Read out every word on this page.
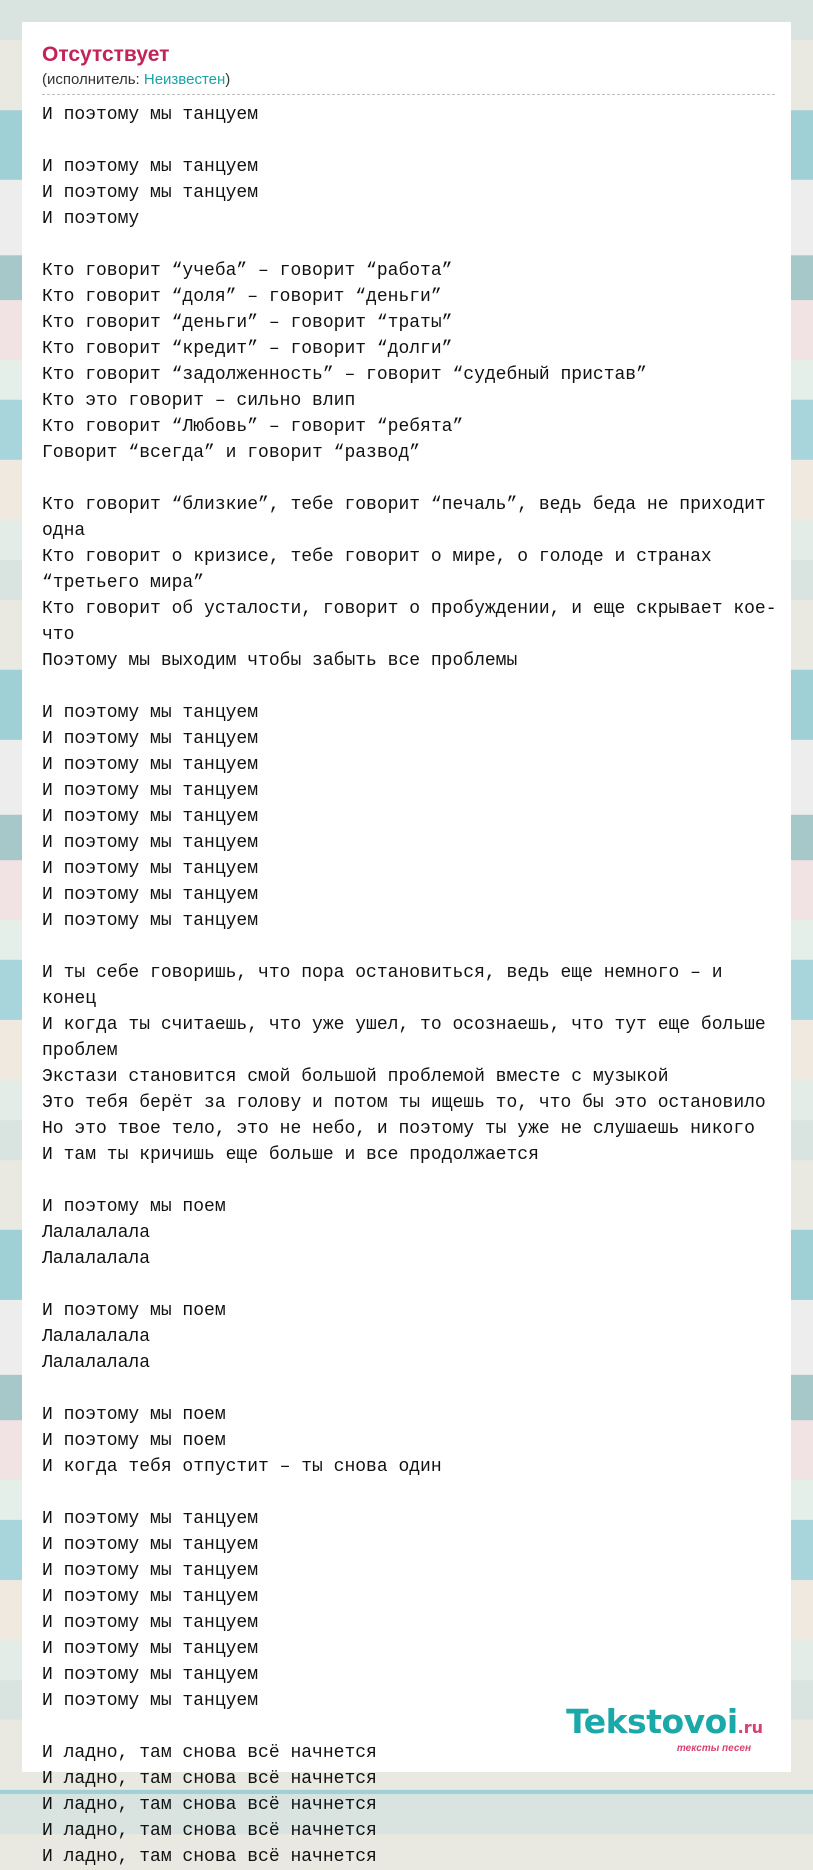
Отсутствует
(исполнитель: Неизвестен)
И поэтому мы танцуем

И поэтому мы танцуем
И поэтому мы танцуем
И поэтому

Кто говорит “учеба” – говорит “работа”
Кто говорит “доля” – говорит “деньги”
Кто говорит “деньги” – говорит “траты”
Кто говорит “кредит” – говорит “долги”
Кто говорит “задолженность” – говорит “судебный пристав”
Кто это говорит – сильно влип
Кто говорит “Любовь” – говорит “ребята”
Говорит “всегда” и говорит “развод”

Кто говорит “близкие”, тебе говорит “печаль”, ведь беда не приходит одна
Кто говорит о кризисе, тебе говорит о мире, о голоде и странах “третьего мира”
Кто говорит об усталости, говорит о пробуждении, и еще скрывает кое-что
Поэтому мы выходим чтобы забыть все проблемы

И поэтому мы танцуем
И поэтому мы танцуем
И поэтому мы танцуем
И поэтому мы танцуем
И поэтому мы танцуем
И поэтому мы танцуем
И поэтому мы танцуем
И поэтому мы танцуем
И поэтому мы танцуем

И ты себе говоришь, что пора остановиться, ведь еще немного – и конец
И когда ты считаешь, что уже ушел, то осознаешь, что тут еще больше проблем
Экстази становится смой большой проблемой вместе с музыкой
Это тебя берёт за голову и потом ты ищешь то, что бы это остановило
Но это твое тело, это не небо, и поэтому ты уже не слушаешь никого
И там ты кричишь еще больше и все продолжается

И поэтому мы поем
Лалалалала
Лалалалала

И поэтому мы поем
Лалалалала
Лалалалала

И поэтому мы поем
И поэтому мы поем
И когда тебя отпустит – ты снова один

И поэтому мы танцуем
И поэтому мы танцуем
И поэтому мы танцуем
И поэтому мы танцуем
И поэтому мы танцуем
И поэтому мы танцуем
И поэтому мы танцуем
И поэтому мы танцуем

И ладно, там снова всё начнется
И ладно, там снова всё начнется
И ладно, там снова всё начнется
И ладно, там снова всё начнется
И ладно, там снова всё начнется
Tekstovoi.ru
тексты песен
